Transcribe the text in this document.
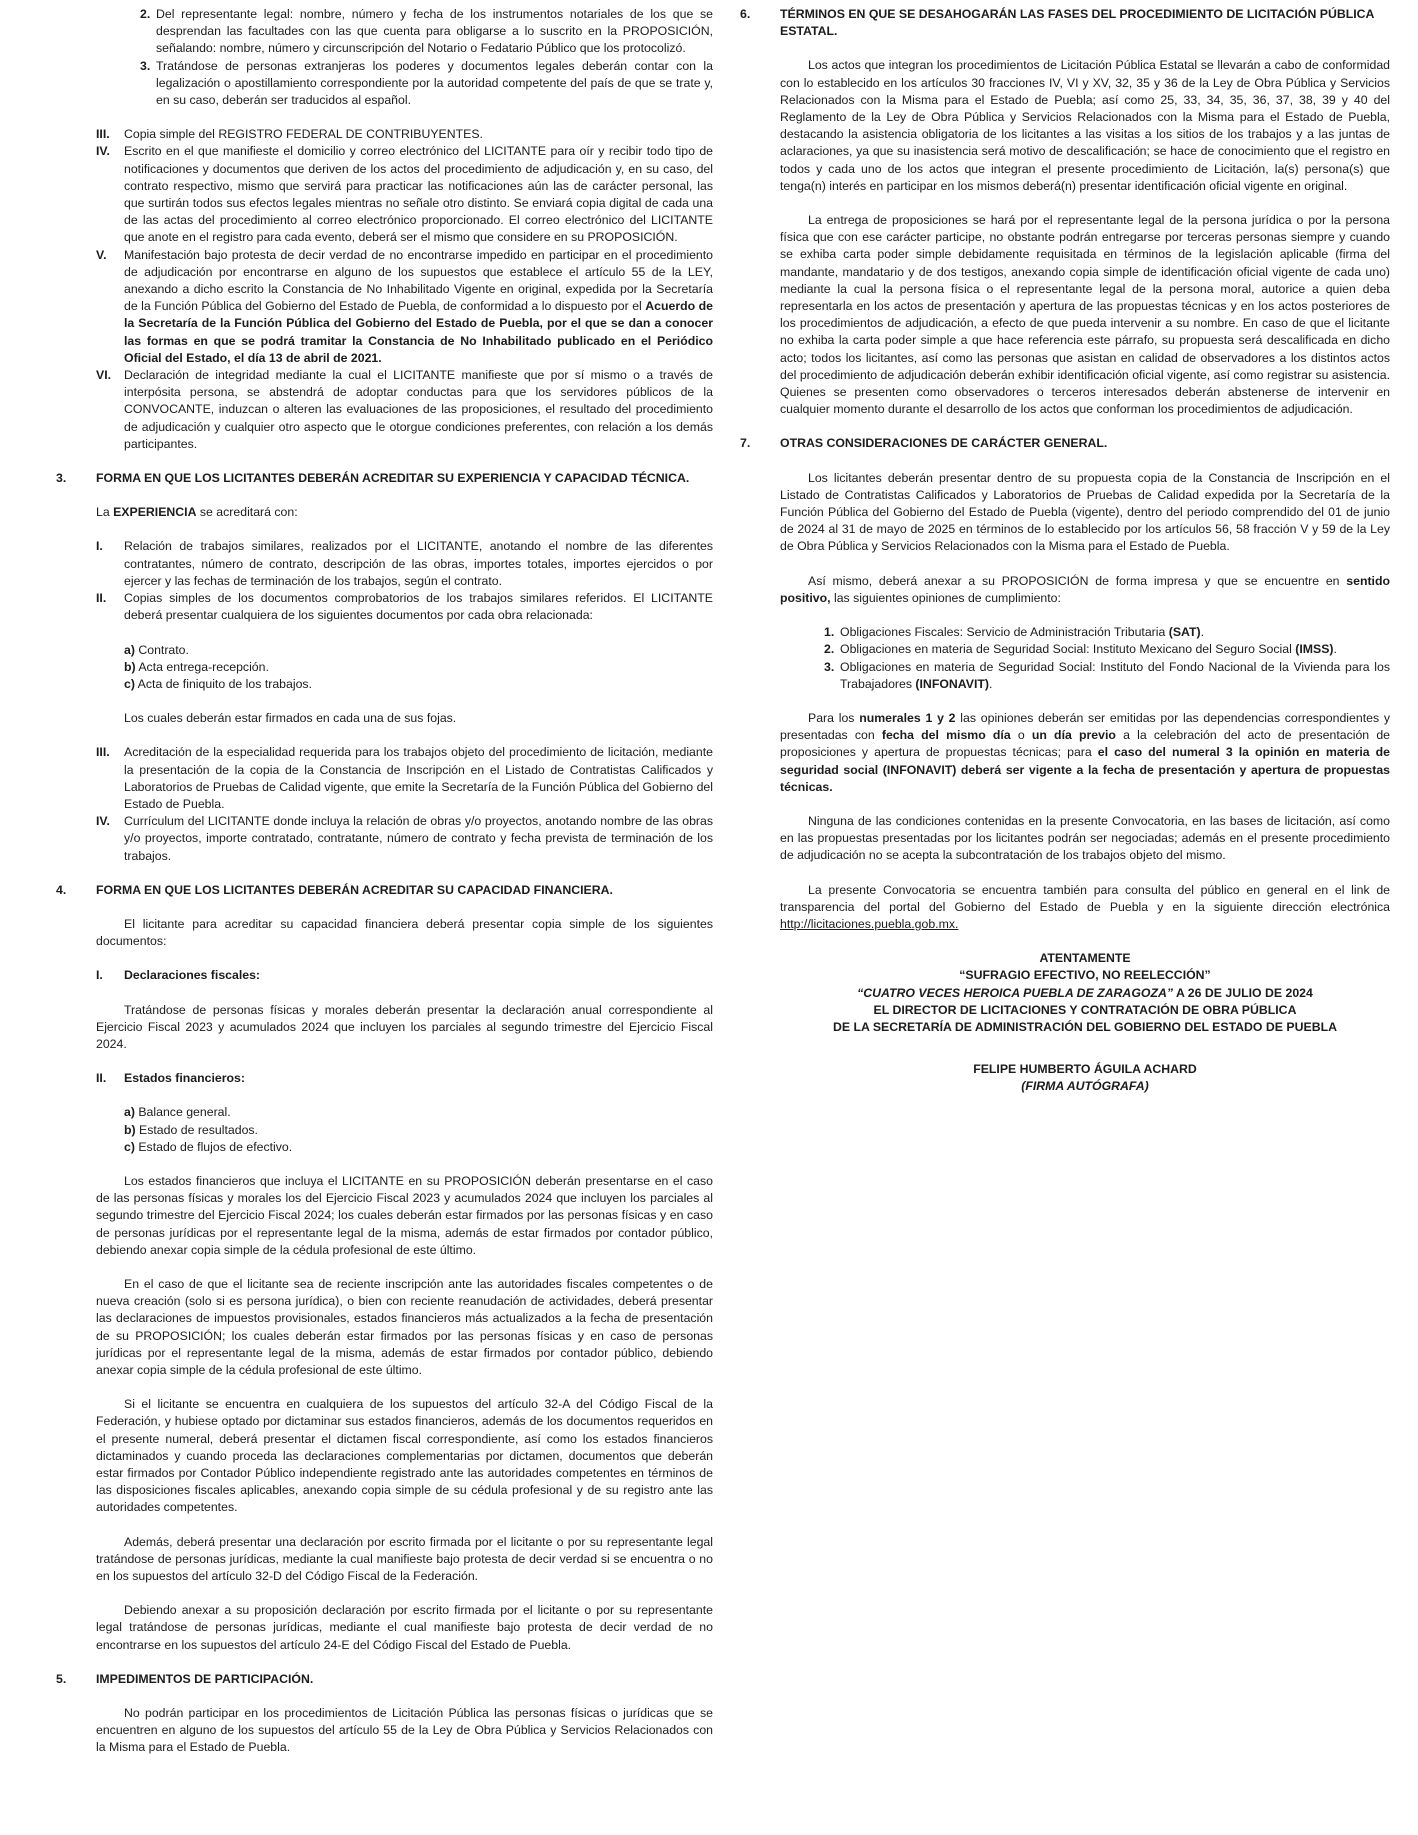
2. Del representante legal: nombre, número y fecha de los instrumentos notariales de los que se desprendan las facultades con las que cuenta para obligarse a lo suscrito en la PROPOSICIÓN, señalando: nombre, número y circunscripción del Notario o Fedatario Público que los protocolizó.
3. Tratándose de personas extranjeras los poderes y documentos legales deberán contar con la legalización o apostillamiento correspondiente por la autoridad competente del país de que se trate y, en su caso, deberán ser traducidos al español.
III.	Copia simple del REGISTRO FEDERAL DE CONTRIBUYENTES.
IV.	Escrito en el que manifieste el domicilio y correo electrónico del LICITANTE para oír y recibir todo tipo de notificaciones y documentos que deriven de los actos del procedimiento de adjudicación y, en su caso, del contrato respectivo, mismo que servirá para practicar las notificaciones aún las de carácter personal, las que surtirán todos sus efectos legales mientras no señale otro distinto. Se enviará copia digital de cada una de las actas del procedimiento al correo electrónico proporcionado. El correo electrónico del LICITANTE que anote en el registro para cada evento, deberá ser el mismo que considere en su PROPOSICIÓN.
V.	Manifestación bajo protesta de decir verdad de no encontrarse impedido en participar en el procedimiento de adjudicación por encontrarse en alguno de los supuestos que establece el artículo 55 de la LEY, anexando a dicho escrito la Constancia de No Inhabilitado Vigente en original, expedida por la Secretaría de la Función Pública del Gobierno del Estado de Puebla, de conformidad a lo dispuesto por el Acuerdo de la Secretaría de la Función Pública del Gobierno del Estado de Puebla, por el que se dan a conocer las formas en que se podrá tramitar la Constancia de No Inhabilitado publicado en el Periódico Oficial del Estado, el día 13 de abril de 2021.
VI.	Declaración de integridad mediante la cual el LICITANTE manifieste que por sí mismo o a través de interpósita persona, se abstendrá de adoptar conductas para que los servidores públicos de la CONVOCANTE, induzcan o alteren las evaluaciones de las proposiciones, el resultado del procedimiento de adjudicación y cualquier otro aspecto que le otorgue condiciones preferentes, con relación a los demás participantes.
3.	FORMA EN QUE LOS LICITANTES DEBERÁN ACREDITAR SU EXPERIENCIA Y CAPACIDAD TÉCNICA.

La EXPERIENCIA se acreditará con:

I.	Relación de trabajos similares, realizados por el LICITANTE, anotando el nombre de las diferentes contratantes, número de contrato, descripción de las obras, importes totales, importes ejercidos o por ejercer y las fechas de terminación de los trabajos, según el contrato.
II.	Copias simples de los documentos comprobatorios de los trabajos similares referidos. El LICITANTE deberá presentar cualquiera de los siguientes documentos por cada obra relacionada:
a) Contrato.
b) Acta entrega-recepción.
c) Acta de finiquito de los trabajos.

Los cuales deberán estar firmados en cada una de sus fojas.

III.	Acreditación de la especialidad requerida para los trabajos objeto del procedimiento de licitación, mediante la presentación de la copia de la Constancia de Inscripción en el Listado de Contratistas Calificados y Laboratorios de Pruebas de Calidad vigente, que emite la Secretaría de la Función Pública del Gobierno del Estado de Puebla.
IV.	Currículum del LICITANTE donde incluya la relación de obras y/o proyectos, anotando nombre de las obras y/o proyectos, importe contratado, contratante, número de contrato y fecha prevista de terminación de los trabajos.
4.	FORMA EN QUE LOS LICITANTES DEBERÁN ACREDITAR SU CAPACIDAD FINANCIERA.

El licitante para acreditar su capacidad financiera deberá presentar copia simple de los siguientes documentos:

I.	Declaraciones fiscales:

Tratándose de personas físicas y morales deberán presentar la declaración anual correspondiente al Ejercicio Fiscal 2023 y acumulados 2024 que incluyen los parciales al segundo trimestre del Ejercicio Fiscal 2024.

II.	Estados financieros:
a) Balance general.
b) Estado de resultados.
c) Estado de flujos de efectivo.

Los estados financieros que incluya el LICITANTE en su PROPOSICIÓN deberán presentarse en el caso de las personas físicas y morales los del Ejercicio Fiscal 2023 y acumulados 2024 que incluyen los parciales al segundo trimestre del Ejercicio Fiscal 2024; los cuales deberán estar firmados por las personas físicas y en caso de personas jurídicas por el representante legal de la misma, además de estar firmados por contador público, debiendo anexar copia simple de la cédula profesional de este último.

En el caso de que el licitante sea de reciente inscripción ante las autoridades fiscales competentes o de nueva creación (solo si es persona jurídica), o bien con reciente reanudación de actividades, deberá presentar las declaraciones de impuestos provisionales, estados financieros más actualizados a la fecha de presentación de su PROPOSICIÓN; los cuales deberán estar firmados por las personas físicas y en caso de personas jurídicas por el representante legal de la misma, además de estar firmados por contador público, debiendo anexar copia simple de la cédula profesional de este último.

Si el licitante se encuentra en cualquiera de los supuestos del artículo 32-A del Código Fiscal de la Federación, y hubiese optado por dictaminar sus estados financieros, además de los documentos requeridos en el presente numeral, deberá presentar el dictamen fiscal correspondiente, así como los estados financieros dictaminados y cuando proceda las declaraciones complementarias por dictamen, documentos que deberán estar firmados por Contador Público independiente registrado ante las autoridades competentes en términos de las disposiciones fiscales aplicables, anexando copia simple de su cédula profesional y de su registro ante las autoridades competentes.

Además, deberá presentar una declaración por escrito firmada por el licitante o por su representante legal tratándose de personas jurídicas, mediante la cual manifieste bajo protesta de decir verdad si se encuentra o no en los supuestos del artículo 32-D del Código Fiscal de la Federación.

Debiendo anexar a su proposición declaración por escrito firmada por el licitante o por su representante legal tratándose de personas jurídicas, mediante el cual manifieste bajo protesta de decir verdad de no encontrarse en los supuestos del artículo 24-E del Código Fiscal del Estado de Puebla.

5.	IMPEDIMENTOS DE PARTICIPACIÓN.

No podrán participar en los procedimientos de Licitación Pública las personas físicas o jurídicas que se encuentren en alguno de los supuestos del artículo 55 de la Ley de Obra Pública y Servicios Relacionados con la Misma para el Estado de Puebla.

6.	TÉRMINOS EN QUE SE DESAHOGARÁN LAS FASES DEL PROCEDIMIENTO DE LICITACIÓN PÚBLICA ESTATAL.

Los actos que integran los procedimientos de Licitación Pública Estatal se llevarán a cabo de conformidad con lo establecido en los artículos 30 fracciones IV, VI y XV, 32, 35 y 36 de la Ley de Obra Pública y Servicios Relacionados con la Misma para el Estado de Puebla; así como 25, 33, 34, 35, 36, 37, 38, 39 y 40 del Reglamento de la Ley de Obra Pública y Servicios Relacionados con la Misma para el Estado de Puebla, destacando la asistencia obligatoria de los licitantes a las visitas a los sitios de los trabajos y a las juntas de aclaraciones, ya que su inasistencia será motivo de descalificación; se hace de conocimiento que el registro en todos y cada uno de los actos que integran el presente procedimiento de Licitación, la(s) persona(s) que tenga(n) interés en participar en los mismos deberá(n) presentar identificación oficial vigente en original.

La entrega de proposiciones se hará por el representante legal de la persona jurídica o por la persona física que con ese carácter participe, no obstante podrán entregarse por terceras personas siempre y cuando se exhiba carta poder simple debidamente requisitada en términos de la legislación aplicable (firma del mandante, mandatario y de dos testigos, anexando copia simple de identificación oficial vigente de cada uno) mediante la cual la persona física o el representante legal de la persona moral, autorice a quien deba representarla en los actos de presentación y apertura de las propuestas técnicas y en los actos posteriores de los procedimientos de adjudicación, a efecto de que pueda intervenir a su nombre. En caso de que el licitante no exhiba la carta poder simple a que hace referencia este párrafo, su propuesta será descalificada en dicho acto; todos los licitantes, así como las personas que asistan en calidad de observadores a los distintos actos del procedimiento de adjudicación deberán exhibir identificación oficial vigente, así como registrar su asistencia. Quienes se presenten como observadores o terceros interesados deberán abstenerse de intervenir en cualquier momento durante el desarrollo de los actos que conforman los procedimientos de adjudicación.

7.	OTRAS CONSIDERACIONES DE CARÁCTER GENERAL.

Los licitantes deberán presentar dentro de su propuesta copia de la Constancia de Inscripción en el Listado de Contratistas Calificados y Laboratorios de Pruebas de Calidad expedida por la Secretaría de la Función Pública del Gobierno del Estado de Puebla (vigente), dentro del periodo comprendido del 01 de junio de 2024 al 31 de mayo de 2025 en términos de lo establecido por los artículos 56, 58 fracción V y 59 de la Ley de Obra Pública y Servicios Relacionados con la Misma para el Estado de Puebla.

Así mismo, deberá anexar a su PROPOSICIÓN de forma impresa y que se encuentre en sentido positivo, las siguientes opiniones de cumplimiento:

1. Obligaciones Fiscales: Servicio de Administración Tributaria (SAT).
2. Obligaciones en materia de Seguridad Social: Instituto Mexicano del Seguro Social (IMSS).
3. Obligaciones en materia de Seguridad Social: Instituto del Fondo Nacional de la Vivienda para los Trabajadores (INFONAVIT).

Para los numerales 1 y 2 las opiniones deberán ser emitidas por las dependencias correspondientes y presentadas con fecha del mismo día o un día previo a la celebración del acto de presentación de proposiciones y apertura de propuestas técnicas; para el caso del numeral 3 la opinión en materia de seguridad social (INFONAVIT) deberá ser vigente a la fecha de presentación y apertura de propuestas técnicas.

Ninguna de las condiciones contenidas en la presente Convocatoria, en las bases de licitación, así como en las propuestas presentadas por los licitantes podrán ser negociadas; además en el presente procedimiento de adjudicación no se acepta la subcontratación de los trabajos objeto del mismo.

La presente Convocatoria se encuentra también para consulta del público en general en el link de transparencia del portal del Gobierno del Estado de Puebla y en la siguiente dirección electrónica http://licitaciones.puebla.gob.mx.

ATENTAMENTE
“SUFRAGIO EFECTIVO, NO REELECCIÓN”
“CUATRO VECES HEROICA PUEBLA DE ZARAGOZA” A 26 DE JULIO DE 2024
EL DIRECTOR DE LICITACIONES Y CONTRATACIÓN DE OBRA PÚBLICA
DE LA SECRETARÍA DE ADMINISTRACIÓN DEL GOBIERNO DEL ESTADO DE PUEBLA
FELIPE HUMBERTO ÁGUILA ACHARD
(FIRMA AUTÓGRAFA)
